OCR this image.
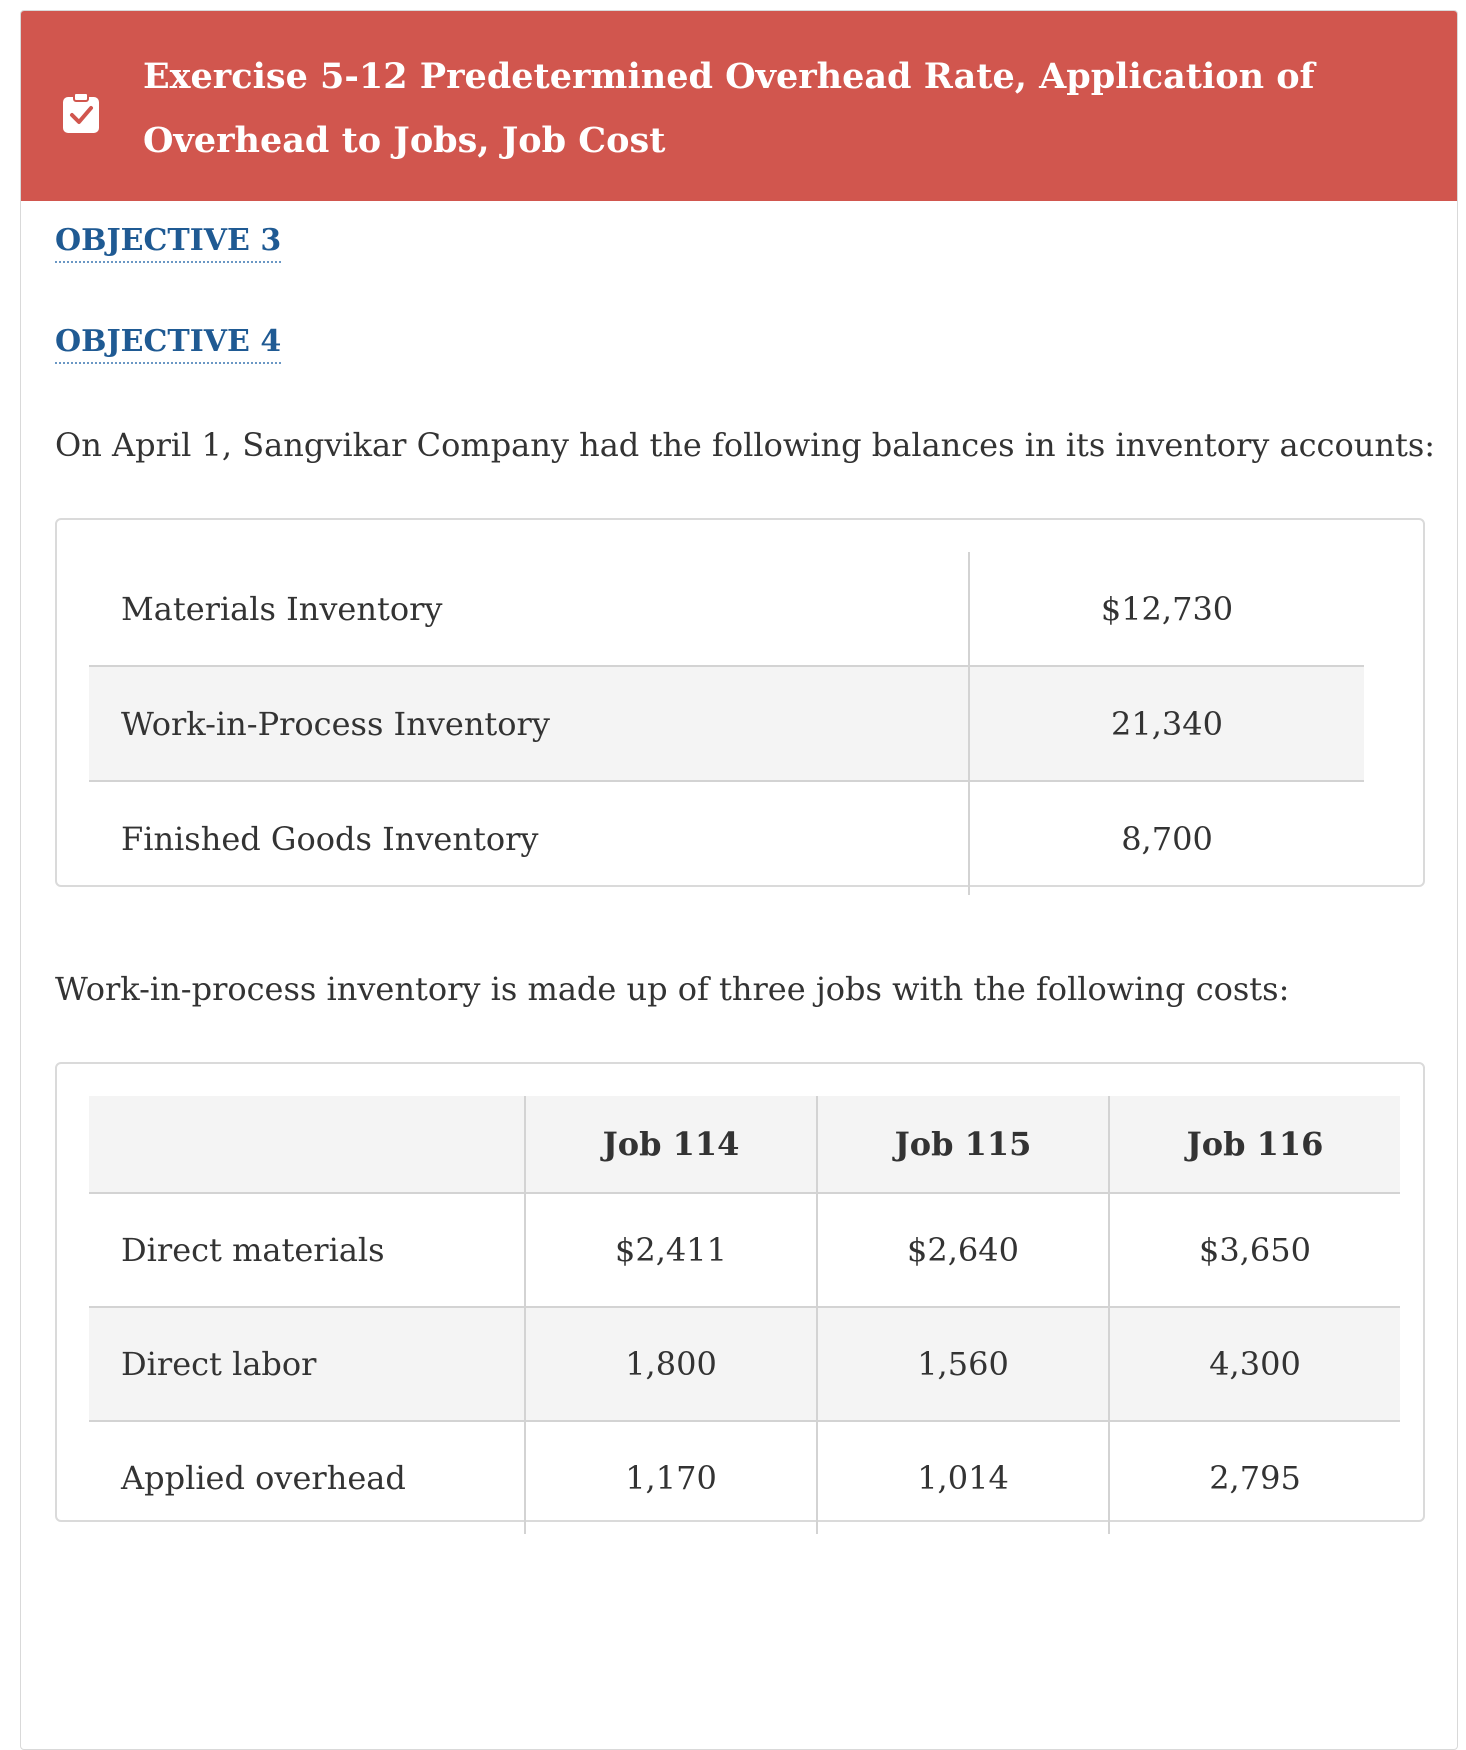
Exercise 5-12 Predetermined Overhead Rate, Application of Overhead to Jobs, Job Cost
OBJECTIVE 3
OBJECTIVE 4
On April 1, Sangvikar Company had the following balances in its inventory accounts:
Materials Inventory	$12,730
Work-in-Process Inventory	21,340
Finished Goods Inventory	8,700
Work-in-process inventory is made up of three jobs with the following costs:
	Job 114	Job 115	Job 116
Direct materials	$2,411	$2,640	$3,650
Direct labor	1,800	1,560	4,300
Applied overhead	1,170	1,014	2,795
